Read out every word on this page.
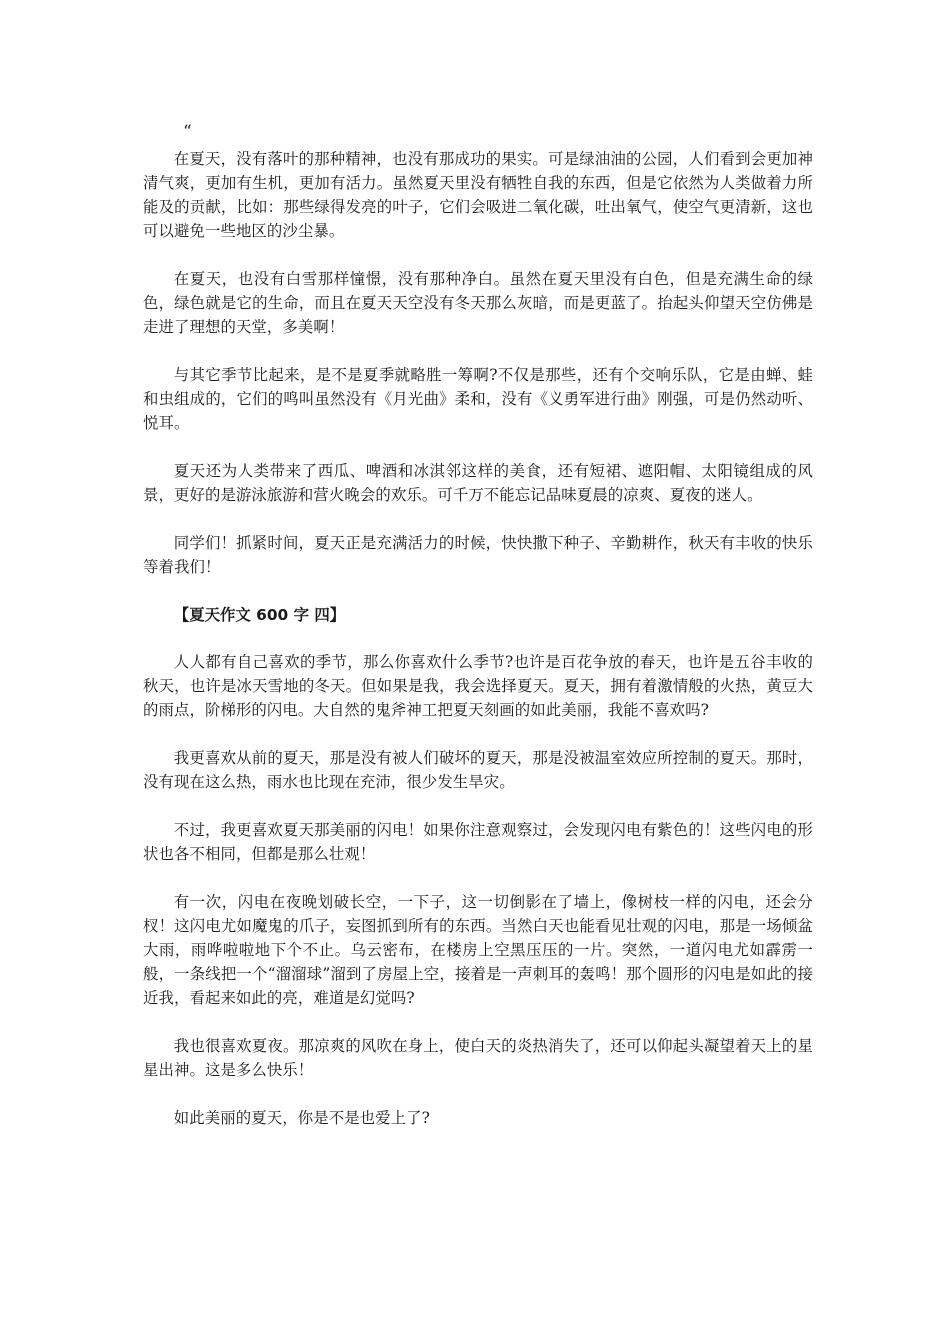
“

在夏天，没有落叶的那种精神，也没有那成功的果实。可是绿油油的公园，人们看到会更加神清气爽，更加有生机，更加有活力。虽然夏天里没有牺牲自我的东西，但是它依然为人类做着力所能及的贡献，比如：那些绿得发亮的叶子，它们会吸进二氧化碳，吐出氧气，使空气更清新，这也可以避免一些地区的沙尘暴。

在夏天，也没有白雪那样憧憬，没有那种净白。虽然在夏天里没有白色，但是充满生命的绿色，绿色就是它的生命，而且在夏天天空没有冬天那么灰暗，而是更蓝了。抬起头仰望天空仿佛是走进了理想的天堂，多美啊！

与其它季节比起来，是不是夏季就略胜一筹啊?不仅是那些，还有个交响乐队，它是由蝉、蛙和虫组成的，它们的鸣叫虽然没有《月光曲》柔和，没有《义勇军进行曲》刚强，可是仍然动听、悦耳。

夏天还为人类带来了西瓜、啤酒和冰淇邻这样的美食，还有短裙、遮阳帽、太阳镜组成的风景，更好的是游泳旅游和营火晚会的欢乐。可千万不能忘记品味夏晨的凉爽、夏夜的迷人。

同学们！抓紧时间，夏天正是充满活力的时候，快快撒下种子、辛勤耕作，秋天有丰收的快乐等着我们！

【夏天作文 600 字 四】

人人都有自己喜欢的季节，那么你喜欢什么季节?也许是百花争放的春天，也许是五谷丰收的秋天，也许是冰天雪地的冬天。但如果是我，我会选择夏天。夏天，拥有着激情般的火热，黄豆大的雨点，阶梯形的闪电。大自然的鬼斧神工把夏天刻画的如此美丽，我能不喜欢吗?

我更喜欢从前的夏天，那是没有被人们破坏的夏天，那是没被温室效应所控制的夏天。那时，没有现在这么热，雨水也比现在充沛，很少发生旱灾。

不过，我更喜欢夏天那美丽的闪电！如果你注意观察过，会发现闪电有紫色的！这些闪电的形状也各不相同，但都是那么壮观！

有一次，闪电在夜晚划破长空，一下子，这一切倒影在了墙上，像树枝一样的闪电，还会分杈！这闪电尤如魔鬼的爪子，妄图抓到所有的东西。当然白天也能看见壮观的闪电，那是一场倾盆大雨，雨哗啦啦地下个不止。乌云密布，在楼房上空黑压压的一片。突然，一道闪电尤如霹雳一般，一条线把一个“溜溜球”溜到了房屋上空，接着是一声刺耳的轰鸣！那个圆形的闪电是如此的接近我，看起来如此的亮，难道是幻觉吗?

我也很喜欢夏夜。那凉爽的风吹在身上，使白天的炎热消失了，还可以仰起头凝望着天上的星星出神。这是多么快乐！

如此美丽的夏天，你是不是也爱上了?
